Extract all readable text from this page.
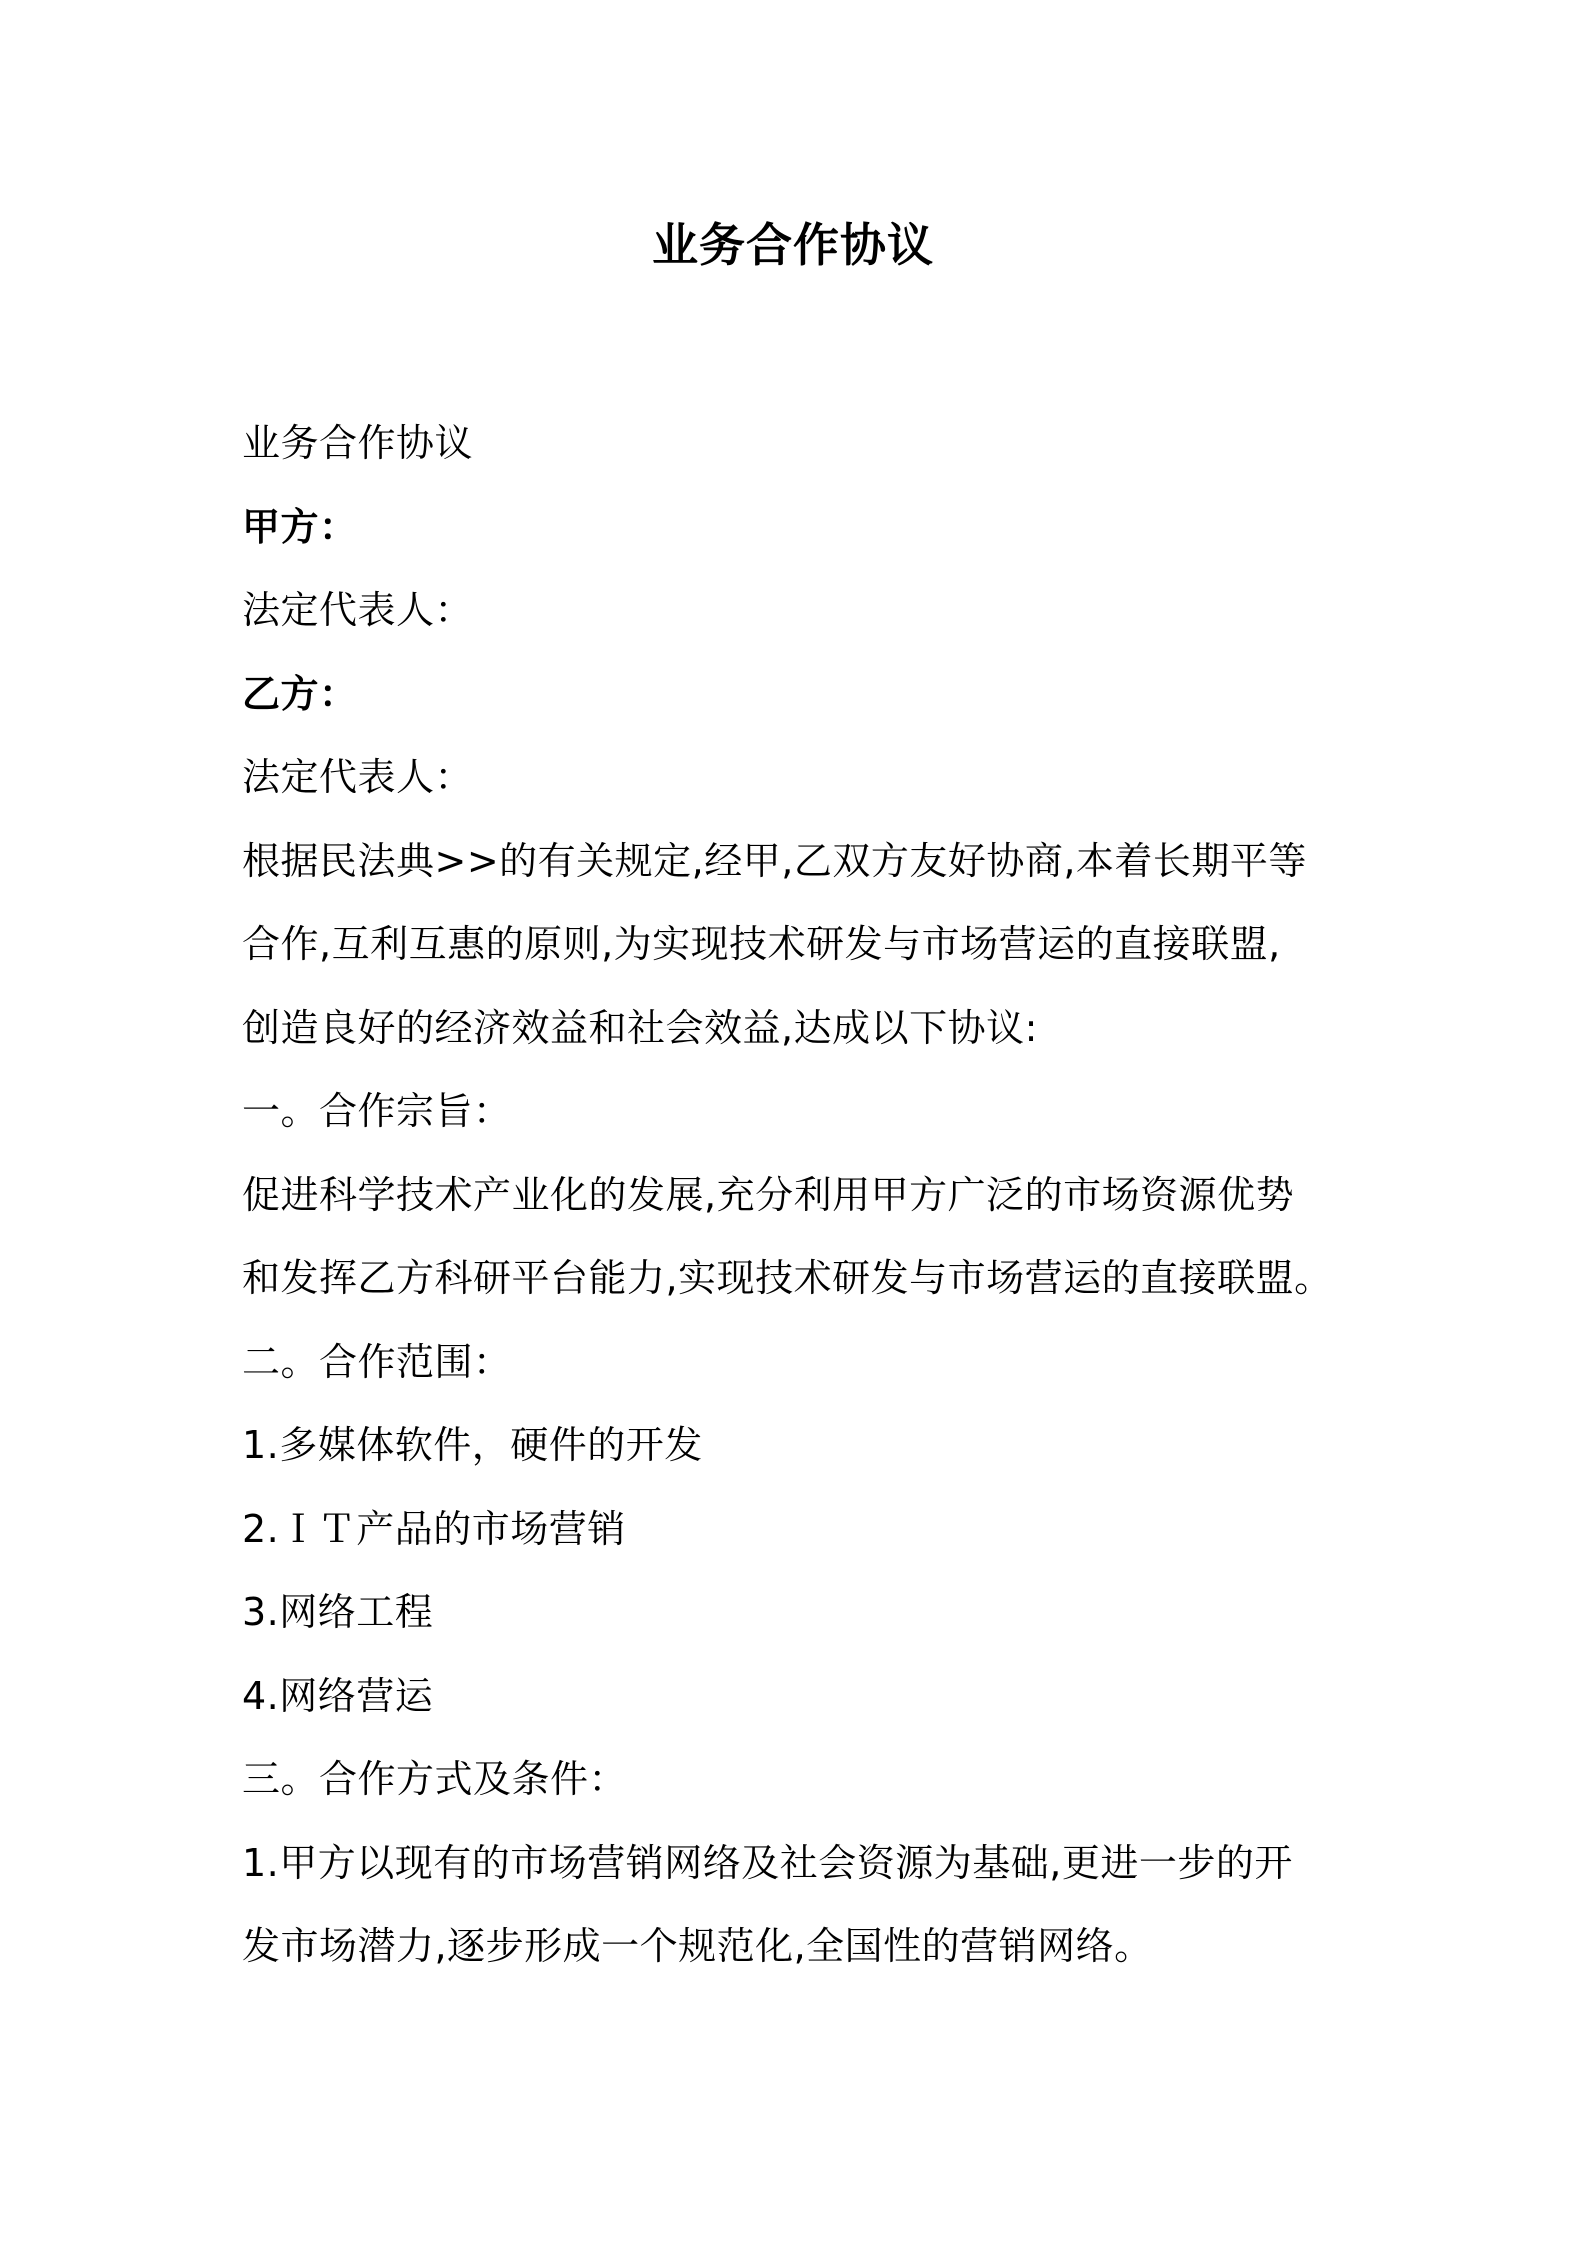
业务合作协议
业务合作协议
甲方：
法定代表人：
乙方：
法定代表人：
根据民法典>>的有关规定,经甲,乙双方友好协商,本着长期平等
合作,互利互惠的原则,为实现技术研发与市场营运的直接联盟,
创造良好的经济效益和社会效益,达成以下协议:
一。合作宗旨：
促进科学技术产业化的发展,充分利用甲方广泛的市场资源优势
和发挥乙方科研平台能力,实现技术研发与市场营运的直接联盟。
二。合作范围：
1.多媒体软件，硬件的开发
2.ＩＴ产品的市场营销
3.网络工程
4.网络营运
三。合作方式及条件：
1.甲方以现有的市场营销网络及社会资源为基础,更进一步的开
发市场潜力,逐步形成一个规范化,全国性的营销网络。
